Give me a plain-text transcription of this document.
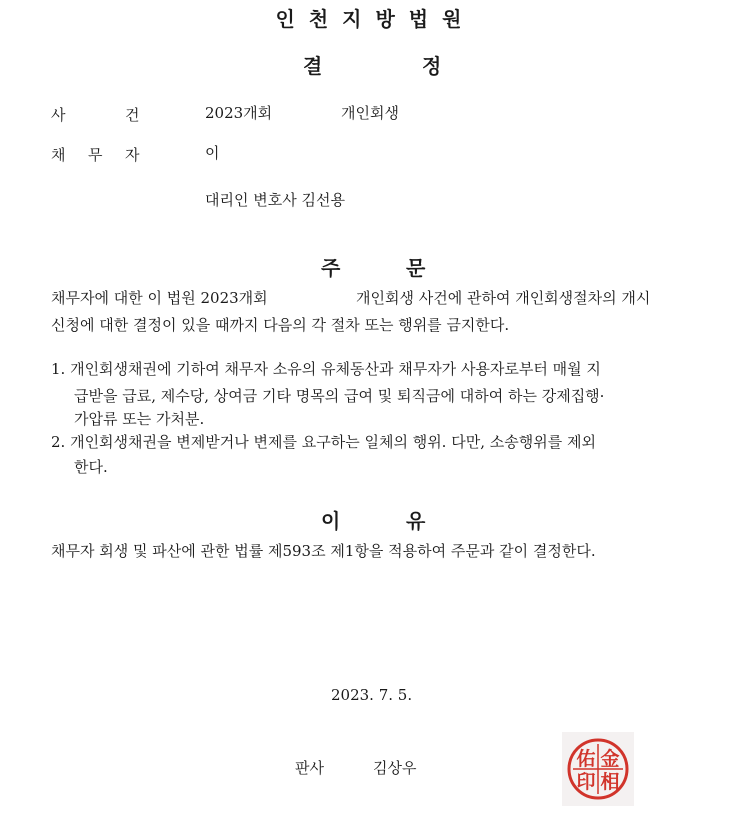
인천지방법원
결	정
사	건	2023개회	개인회생
채 무 자	이
대리인 변호사 김선용
주	문
채무자에 대한 이 법원 2023개회	개인회생 사건에 관하여 개인회생절차의 개시
신청에 대한 결정이 있을 때까지 다음의 각 절차 또는 행위를 금지한다.
1. 개인회생채권에 기하여 채무자 소유의 유체동산과 채무자가 사용자로부터 매월 지
급받을 급료, 제수당, 상여금 기타 명목의 급여 및 퇴직금에 대하여 하는 강제집행·
가압류 또는 가처분.
2. 개인회생채권을 변제받거나 변제를 요구하는 일체의 행위. 다만, 소송행위를 제외
한다.
이	유
채무자 회생 및 파산에 관한 법률 제593조 제1항을 적용하여 주문과 같이 결정한다.
2023. 7. 5.
판사	김상우	金
相
佑
印
